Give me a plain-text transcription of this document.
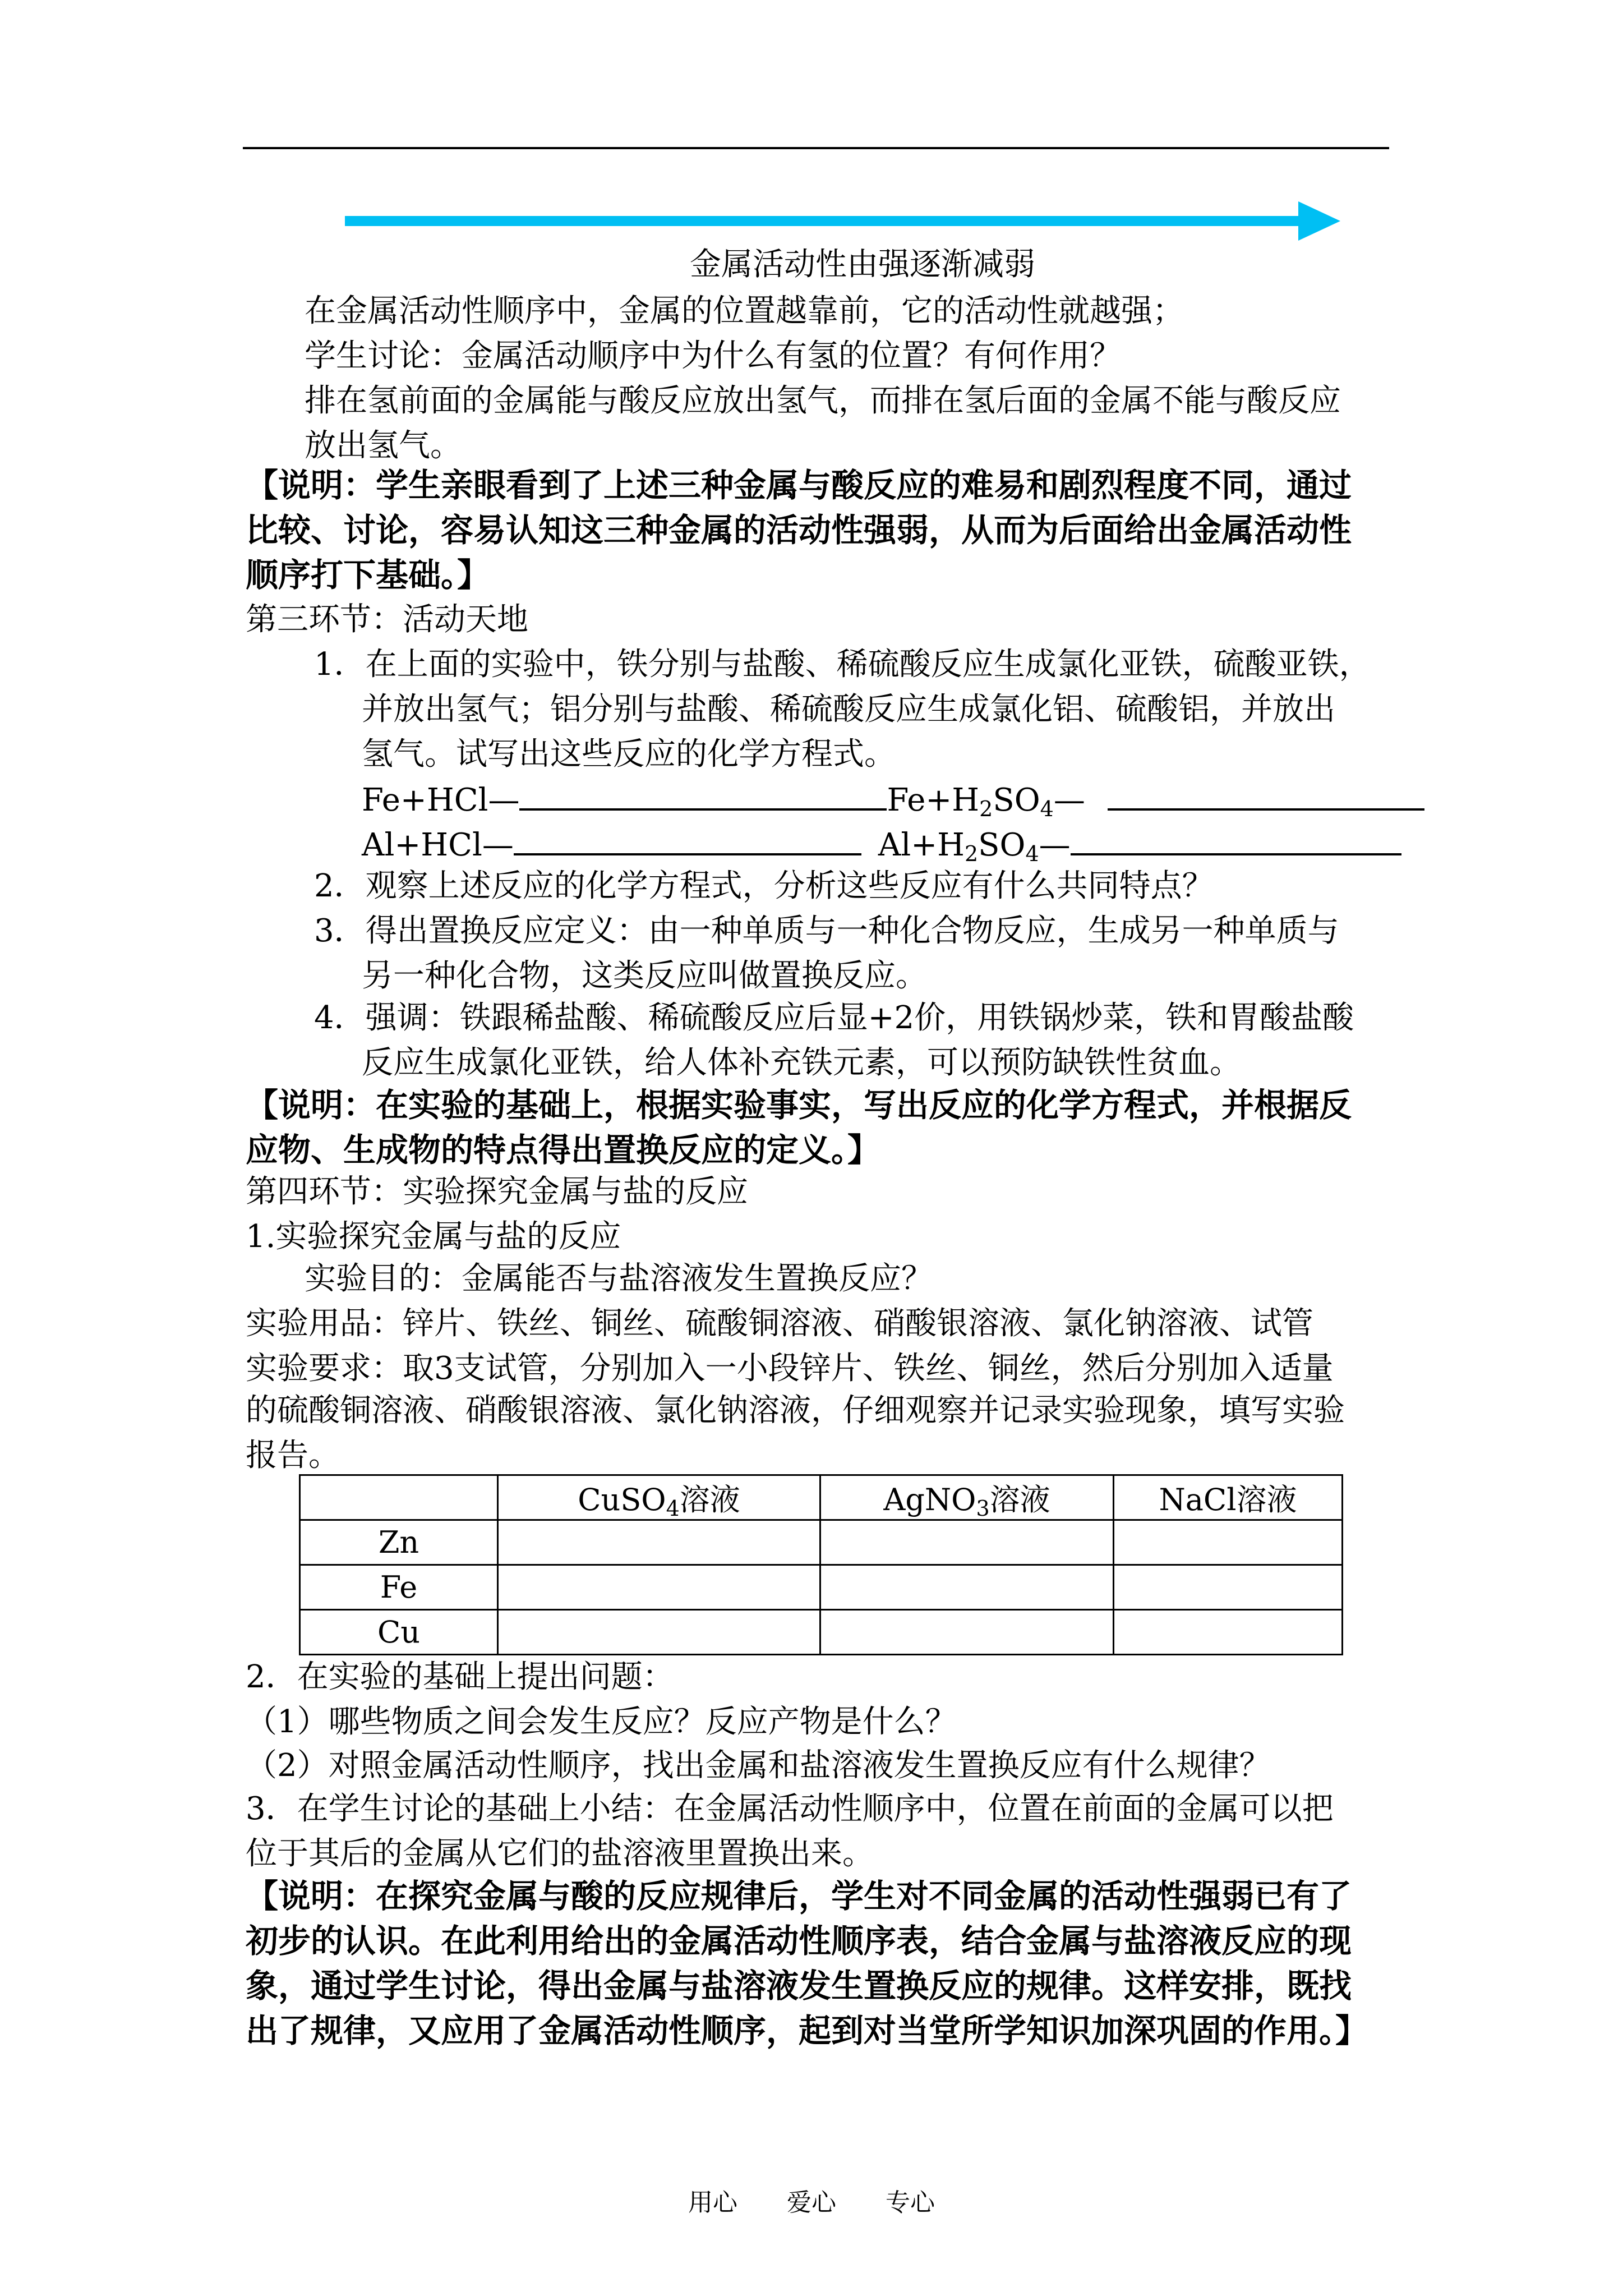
金属活动性由强逐渐减弱
在金属活动性顺序中，金属的位置越靠前，它的活动性就越强；
学生讨论：金属活动顺序中为什么有氢的位置？有何作用？
排在氢前面的金属能与酸反应放出氢气，而排在氢后面的金属不能与酸反应
放出氢气。
【说明：学生亲眼看到了上述三种金属与酸反应的难易和剧烈程度不同，通过
比较、讨论，容易认知这三种金属的活动性强弱，从而为后面给出金属活动性
顺序打下基础。】
第三环节：活动天地
1．在上面的实验中，铁分别与盐酸、稀硫酸反应生成氯化亚铁，硫酸亚铁，
并放出氢气；铝分别与盐酸、稀硫酸反应生成氯化铝、硫酸铝，并放出
氢气。试写出这些反应的化学方程式。
Fe+HCl—	$Fe+H_2SO_4—$
Al+HCl—	$Al+H_2SO_4—$
2．观察上述反应的化学方程式，分析这些反应有什么共同特点？
3．得出置换反应定义：由一种单质与一种化合物反应，生成另一种单质与
另一种化合物，这类反应叫做置换反应。
4．强调：铁跟稀盐酸、稀硫酸反应后显+2价，用铁锅炒菜，铁和胃酸盐酸
反应生成氯化亚铁，给人体补充铁元素，可以预防缺铁性贫血。
【说明：在实验的基础上，根据实验事实，写出反应的化学方程式，并根据反
应物、生成物的特点得出置换反应的定义。】
第四环节：实验探究金属与盐的反应
1.实验探究金属与盐的反应
实验目的：金属能否与盐溶液发生置换反应？
实验用品：锌片、铁丝、铜丝、硫酸铜溶液、硝酸银溶液、氯化钠溶液、试管
实验要求：取3支试管，分别加入一小段锌片、铁丝、铜丝，然后分别加入适量
的硫酸铜溶液、硝酸银溶液、氯化钠溶液，仔细观察并记录实验现象，填写实验
报告。
	CuSO$_4$溶液	AgNO$_3$溶液	NaCl溶液
Zn			
Fe			
Cu			
2．在实验的基础上提出问题：
（1）哪些物质之间会发生反应？反应产物是什么？
（2）对照金属活动性顺序，找出金属和盐溶液发生置换反应有什么规律？
3．在学生讨论的基础上小结：在金属活动性顺序中，位置在前面的金属可以把
位于其后的金属从它们的盐溶液里置换出来。
【说明：在探究金属与酸的反应规律后，学生对不同金属的活动性强弱已有了
初步的认识。在此利用给出的金属活动性顺序表，结合金属与盐溶液反应的现
象，通过学生讨论，得出金属与盐溶液发生置换反应的规律。这样安排，既找
出了规律，又应用了金属活动性顺序，起到对当堂所学知识加深巩固的作用。】
用心　　爱心　　专心
